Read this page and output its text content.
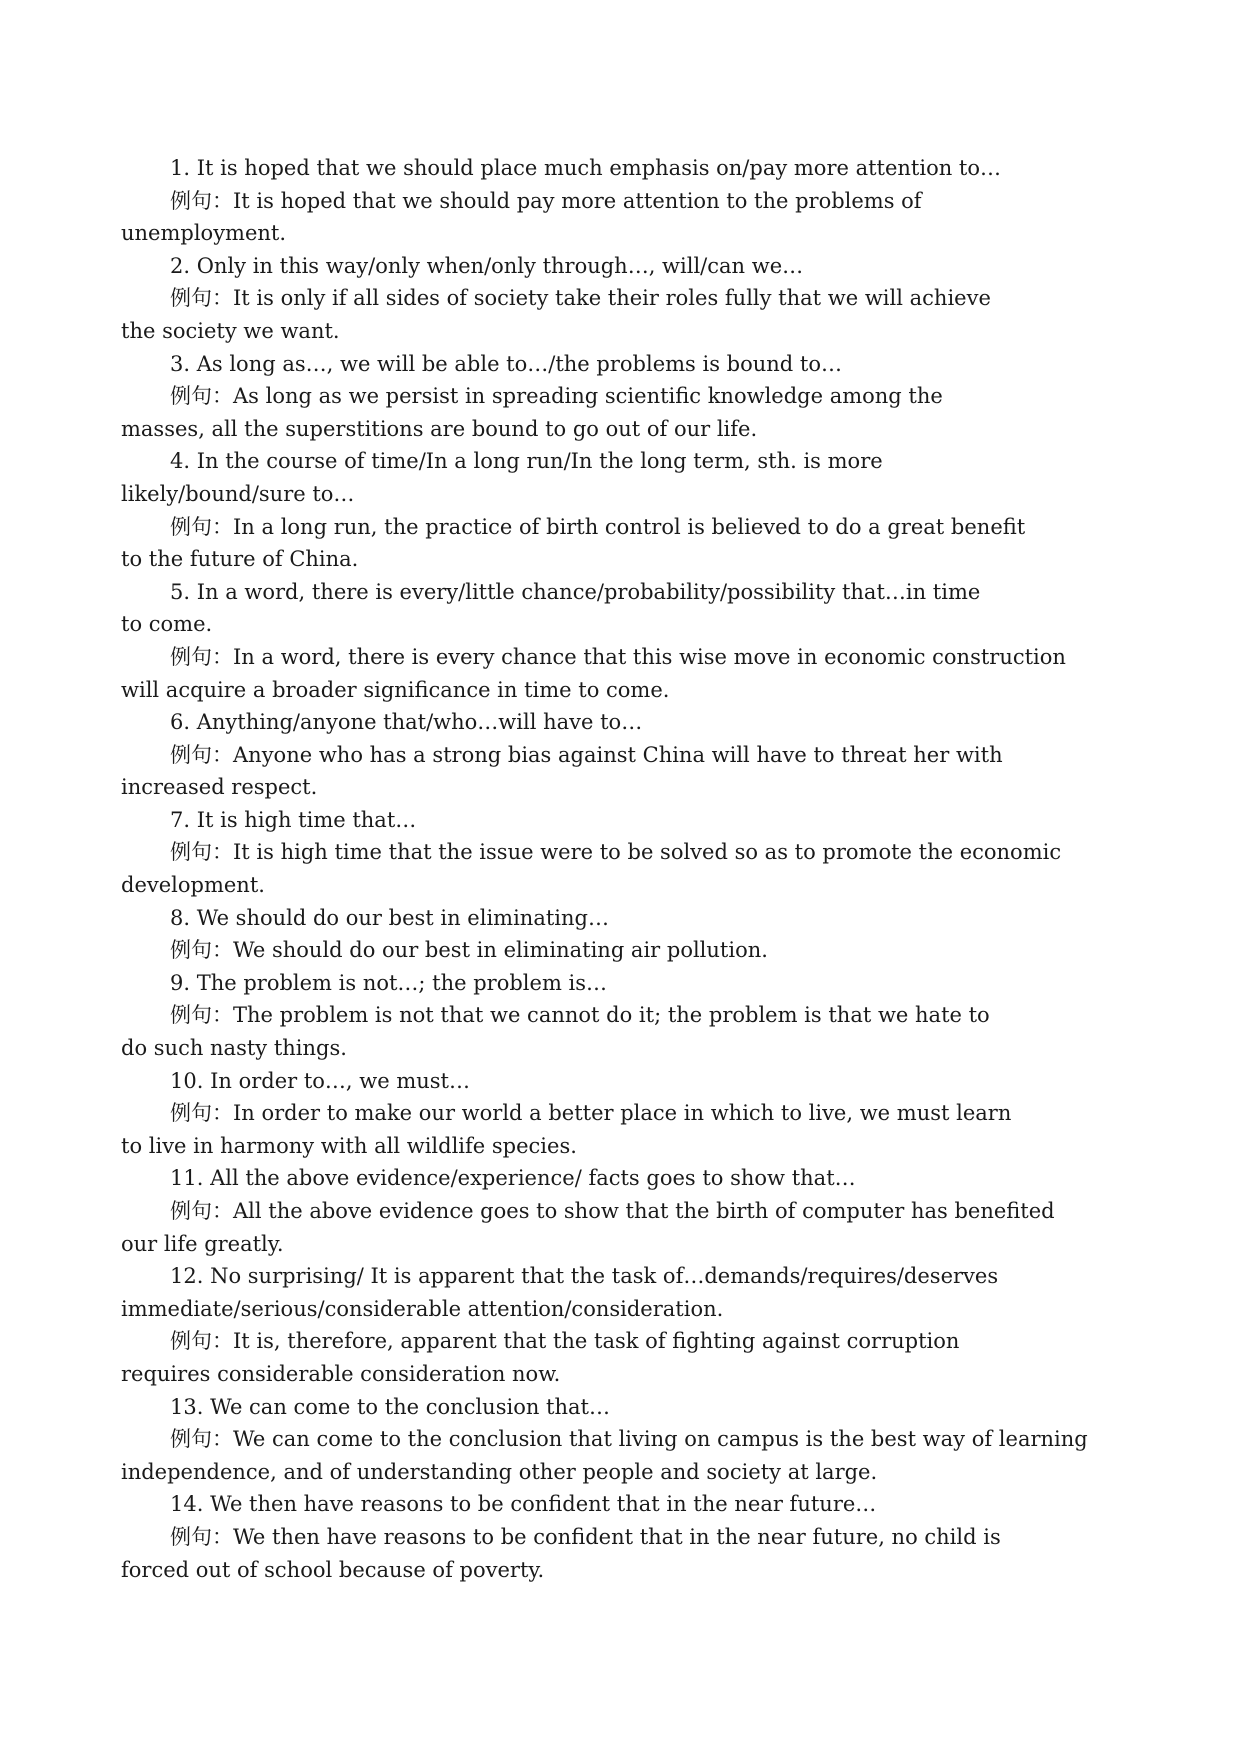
1. It is hoped that we should place much emphasis on/pay more attention to…
例句：It is hoped that we should pay more attention to the problems of
unemployment.
2. Only in this way/only when/only through…, will/can we…
例句：It is only if all sides of society take their roles fully that we will achieve
the society we want.
3. As long as…, we will be able to…/the problems is bound to…
例句：As long as we persist in spreading scientific knowledge among the
masses, all the superstitions are bound to go out of our life.
4. In the course of time/In a long run/In the long term, sth. is more
likely/bound/sure to…
例句：In a long run, the practice of birth control is believed to do a great benefit
to the future of China.
5. In a word, there is every/little chance/probability/possibility that…in time
to come.
例句：In a word, there is every chance that this wise move in economic construction
will acquire a broader significance in time to come.
6. Anything/anyone that/who…will have to…
例句：Anyone who has a strong bias against China will have to threat her with
increased respect.
7. It is high time that…
例句：It is high time that the issue were to be solved so as to promote the economic
development.
8. We should do our best in eliminating…
例句：We should do our best in eliminating air pollution.
9. The problem is not…; the problem is…
例句：The problem is not that we cannot do it; the problem is that we hate to
do such nasty things.
10. In order to…, we must…
例句：In order to make our world a better place in which to live, we must learn
to live in harmony with all wildlife species.
11. All the above evidence/experience/ facts goes to show that…
例句：All the above evidence goes to show that the birth of computer has benefited
our life greatly.
12. No surprising/ It is apparent that the task of…demands/requires/deserves
immediate/serious/considerable attention/consideration.
例句：It is, therefore, apparent that the task of fighting against corruption
requires considerable consideration now.
13. We can come to the conclusion that…
例句：We can come to the conclusion that living on campus is the best way of learning
independence, and of understanding other people and society at large.
14. We then have reasons to be confident that in the near future…
例句：We then have reasons to be confident that in the near future, no child is
forced out of school because of poverty.
